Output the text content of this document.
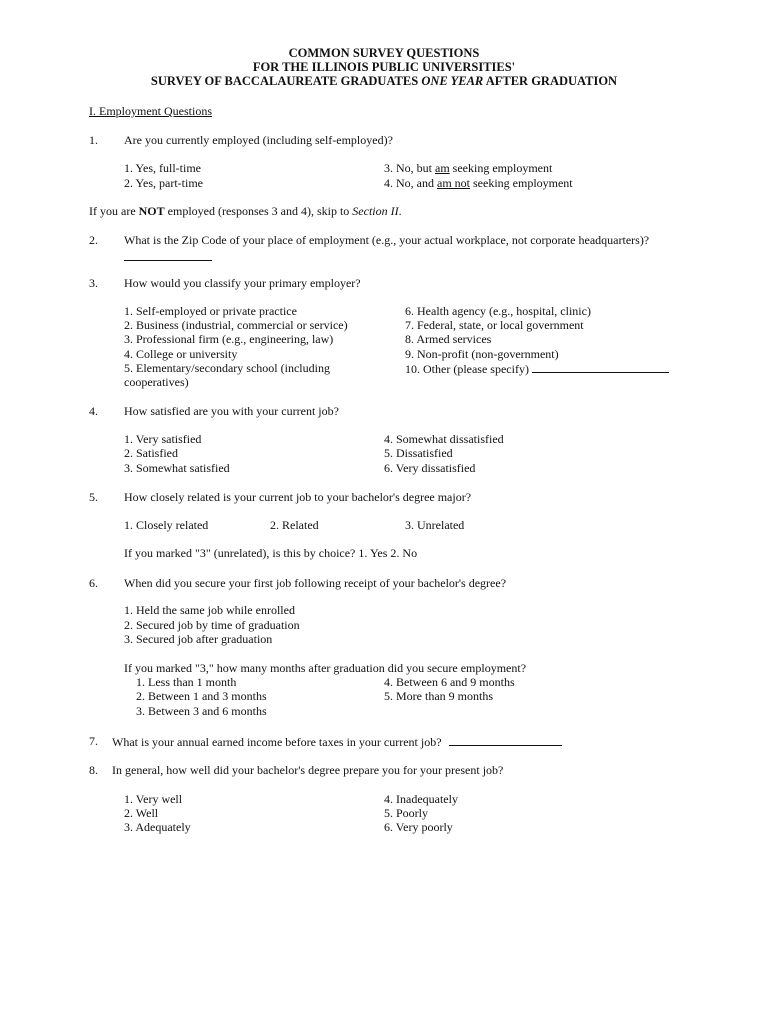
COMMON SURVEY QUESTIONS
FOR THE ILLINOIS PUBLIC UNIVERSITIES'
SURVEY OF BACCALAUREATE GRADUATES ONE YEAR AFTER GRADUATION
I. Employment Questions
1. Are you currently employed (including self-employed)?
1. Yes, full-time
2. Yes, part-time
3. No, but am seeking employment
4. No, and am not seeking employment
If you are NOT employed (responses 3 and 4), skip to Section II.
2. What is the Zip Code of your place of employment (e.g., your actual workplace, not corporate headquarters)?
3. How would you classify your primary employer?
1. Self-employed or private practice
2. Business (industrial, commercial or service)
3. Professional firm (e.g., engineering, law)
4. College or university
5. Elementary/secondary school (including
cooperatives)
6. Health agency (e.g., hospital, clinic)
7. Federal, state, or local government
8. Armed services
9. Non-profit (non-government)
10. Other (please specify)
4. How satisfied are you with your current job?
1. Very satisfied
2. Satisfied
3. Somewhat satisfied
4. Somewhat dissatisfied
5. Dissatisfied
6. Very dissatisfied
5. How closely related is your current job to your bachelor's degree major?
1. Closely related	2. Related	3. Unrelated
If you marked "3" (unrelated), is this by choice? 1. Yes 2. No
6. When did you secure your first job following receipt of your bachelor's degree?
1. Held the same job while enrolled
2. Secured job by time of graduation
3. Secured job after graduation
If you marked "3," how many months after graduation did you secure employment?
1. Less than 1 month
2. Between 1 and 3 months
3. Between 3 and 6 months
4. Between 6 and 9 months
5. More than 9 months
7. What is your annual earned income before taxes in your current job?
8. In general, how well did your bachelor's degree prepare you for your present job?
1. Very well
2. Well
3. Adequately
4. Inadequately
5. Poorly
6. Very poorly
